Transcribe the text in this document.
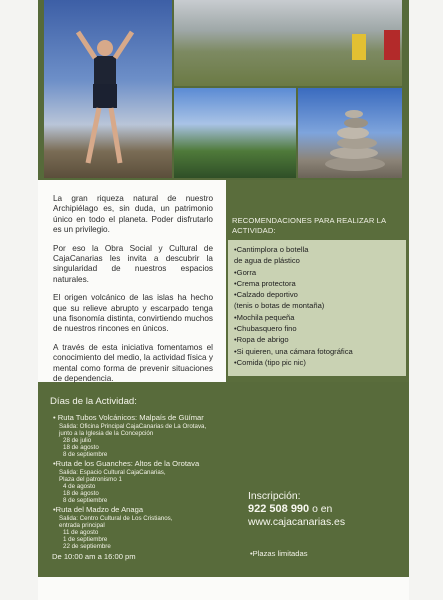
La gran riqueza natural de nuestro Archipiélago es, sin duda, un patrimonio único en todo el planeta. Poder disfrutarlo es un privilegio.

Por eso la Obra Social y Cultural de CajaCanarias les invita a descubrir la singularidad de nuestros espacios naturales.

El origen volcánico de las islas ha hecho que su relieve abrupto y escarpado tenga una fisonomía distinta, convirtiendo muchos de nuestros rincones en únicos.

A través de esta iniciativa fomentamos el conocimiento del medio, la actividad física y mental como forma de prevenir situaciones de dependencia.

RECOMENDACIONES PARA REALIZAR LA ACTIVIDAD:
•Cantimplora o botella
de agua de plástico
•Gorra
•Crema protectora
•Calzado deportivo
(tenis o botas de montaña)
•Mochila pequeña
•Chubasquero fino
•Ropa de abrigo
•Si quieren, una cámara fotográfica
•Comida (tipo pic nic)
Días de la Actividad:
• Ruta Tubos Volcánicos: Malpaís de Güímar
Salida: Oficina Principal CajaCanarias de La Orotava,
junto a la Iglesia de la Concepción
28 de julio
18 de agosto
8 de septiembre
•Ruta de los Guanches: Altos de la Orotava
Salida: Espacio Cultural CajaCanarias,
Plaza del patronismo 1
4 de agosto
18 de agosto
8 de septiembre
•Ruta del Madzo de Anaga
Salida: Centro Cultural de Los Cristianos,
entrada principal
11 de agosto
1 de septiembre
22 de septiembre
De 10:00 am a 16:00 pm
Inscripción:
922 508 990 o en
www.cajacanarias.es
•Plazas limitadas
